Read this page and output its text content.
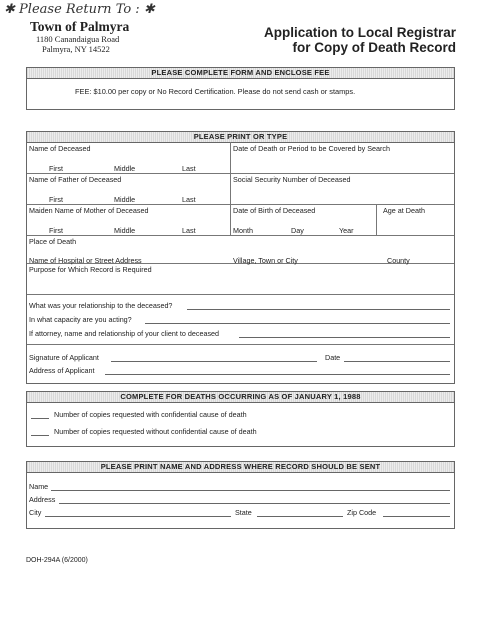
✱ Please Return To : ✱
Town of Palmyra
1180 Canandaigua Road
Palmyra, NY 14522
Application to Local Registrar
for Copy of Death Record
PLEASE COMPLETE FORM AND ENCLOSE FEE
FEE: $10.00 per copy or No Record Certification. Please do not send cash or stamps.
PLEASE PRINT OR TYPE
Name of Deceased
First	Middle	Last
Date of Death or Period to be Covered by Search
Name of Father of Deceased
First	Middle	Last
Social Security Number of Deceased
Maiden Name of Mother of Deceased
First	Middle	Last
Date of Birth of Deceased
Month	Day	Year
Age at Death
Place of Death
Name of Hospital or Street Address	Village, Town or City	County
Purpose for Which Record is Required
What was your relationship to the deceased?
In what capacity are you acting?
If attorney, name and relationship of your client to deceased
Signature of Applicant	Date
Address of Applicant
COMPLETE FOR DEATHS OCCURRING AS OF JANUARY 1, 1988
Number of copies requested with confidential cause of death
Number of copies requested without confidential cause of death
PLEASE PRINT NAME AND ADDRESS WHERE RECORD SHOULD BE SENT
Name
Address
City	State	Zip Code
DOH-294A (6/2000)
